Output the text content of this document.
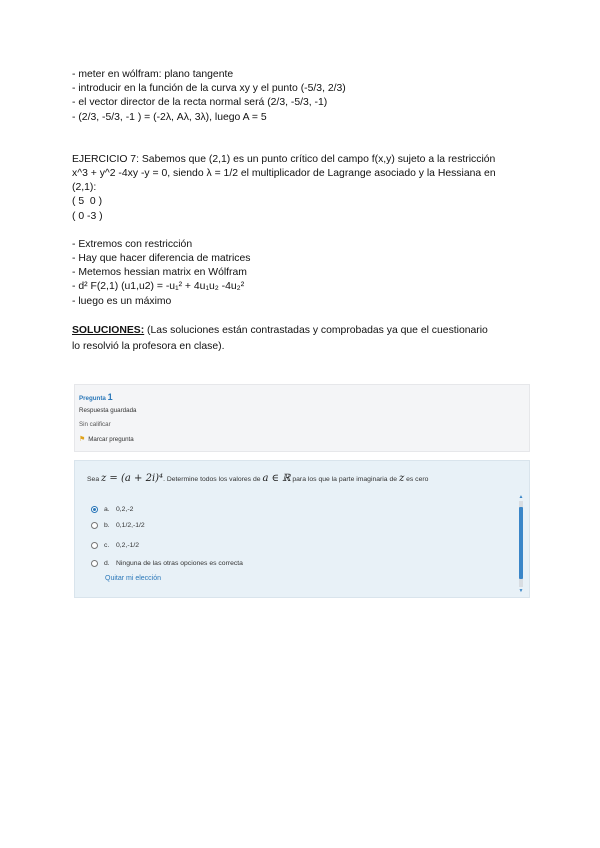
- meter en wólfram: plano tangente

- introducir en la función de la curva xy y el punto (-5/3, 2/3)

- el vector director de la recta normal será (2/3, -5/3, -1)

- (2/3, -5/3, -1 ) = (-2λ, Aλ, 3λ), luego A = 5

EJERCICIO 7: Sabemos que (2,1) es un punto crítico del campo f(x,y) sujeto a la restricción

x^3 + y^2 -4xy -y = 0, siendo λ = 1/2 el multiplicador de Lagrange asociado y la Hessiana en

(2,1):

( 5  0 )

( 0 -3 )

- Extremos con restricción

- Hay que hacer diferencia de matrices

- Metemos hessian matrix en Wólfram

- d² F(2,1) (u1,u2) = -u₁² + 4u₁u₂ -4u₂²

- luego es un máximo

SOLUCIONES: (Las soluciones están contrastadas y comprobadas ya que el cuestionario
lo resolvió la profesora en clase).
Pregunta 1
Respuesta guardada
Sin calificar
⚑ Marcar pregunta
Sea z = (a + 2i)⁴. Determine todos los valores de a ∈ ℝ para los que la parte imaginaria de z es cero
a. 0,2,-2
b. 0,1/2,-1/2
c. 0,2,-1/2
d. Ninguna de las otras opciones es correcta
Quitar mi elección
▲
▼
